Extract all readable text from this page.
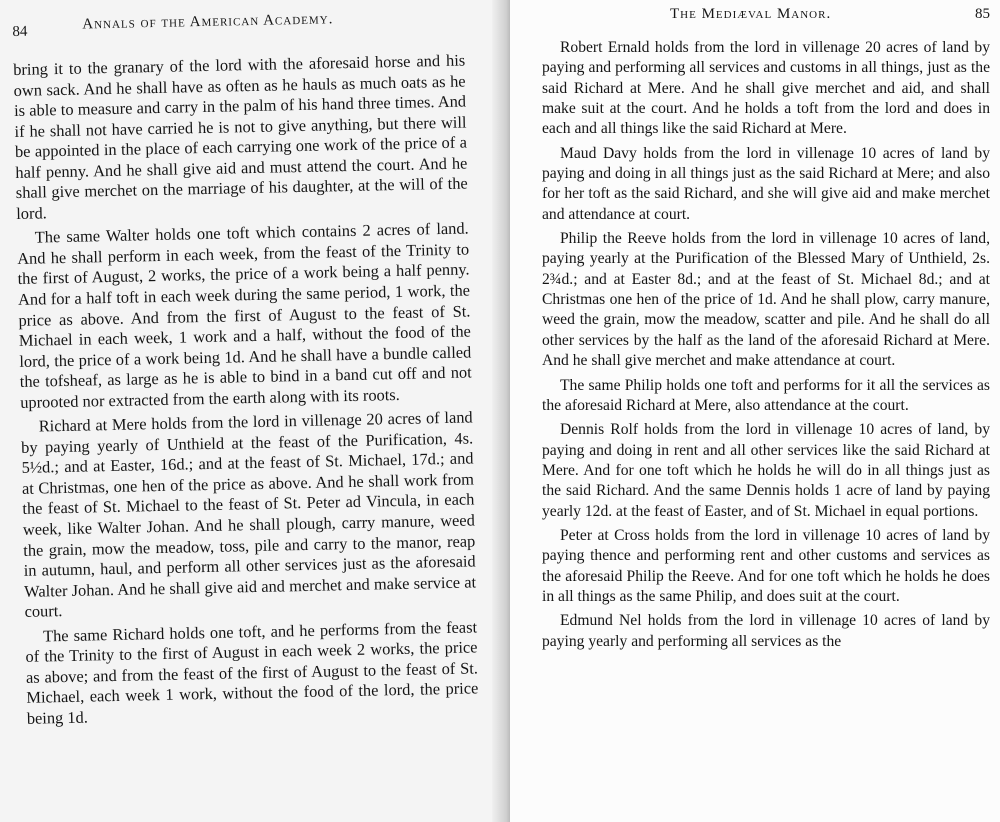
84	Annals of the American Academy.

bring it to the granary of the lord with the aforesaid horse and his own sack. And he shall have as often as he hauls as much oats as he is able to measure and carry in the palm of his hand three times. And if he shall not have carried he is not to give anything, but there will be appointed in the place of each carrying one work of the price of a half penny. And he shall give aid and must attend the court. And he shall give merchet on the marriage of his daughter, at the will of the lord.

The same Walter holds one toft which contains 2 acres of land. And he shall perform in each week, from the feast of the Trinity to the first of August, 2 works, the price of a work being a half penny. And for a half toft in each week during the same period, 1 work, the price as above. And from the first of August to the feast of St. Michael in each week, 1 work and a half, without the food of the lord, the price of a work being 1d. And he shall have a bundle called the tofsheaf, as large as he is able to bind in a band cut off and not uprooted nor extracted from the earth along with its roots.

Richard at Mere holds from the lord in villenage 20 acres of land by paying yearly of Unthield at the feast of the Purification, 4s. 5½d.; and at Easter, 16d.; and at the feast of St. Michael, 17d.; and at Christmas, one hen of the price as above. And he shall work from the feast of St. Michael to the feast of St. Peter ad Vincula, in each week, like Walter Johan. And he shall plough, carry manure, weed the grain, mow the meadow, toss, pile and carry to the manor, reap in autumn, haul, and perform all other services just as the aforesaid Walter Johan. And he shall give aid and merchet and make service at court.

The same Richard holds one toft, and he performs from the feast of the Trinity to the first of August in each week 2 works, the price as above; and from the feast of the first of August to the feast of St. Michael, each week 1 work, without the food of the lord, the price being 1d.

The Mediæval Manor.	85

Robert Ernald holds from the lord in villenage 20 acres of land by paying and performing all services and customs in all things, just as the said Richard at Mere. And he shall give merchet and aid, and shall make suit at the court. And he holds a toft from the lord and does in each and all things like the said Richard at Mere.

Maud Davy holds from the lord in villenage 10 acres of land by paying and doing in all things just as the said Richard at Mere; and also for her toft as the said Richard, and she will give aid and make merchet and attendance at court.

Philip the Reeve holds from the lord in villenage 10 acres of land, paying yearly at the Purification of the Blessed Mary of Unthield, 2s. 2¾d.; and at Easter 8d.; and at the feast of St. Michael 8d.; and at Christmas one hen of the price of 1d. And he shall plow, carry manure, weed the grain, mow the meadow, scatter and pile. And he shall do all other services by the half as the land of the aforesaid Richard at Mere. And he shall give merchet and make attendance at court.

The same Philip holds one toft and performs for it all the services as the aforesaid Richard at Mere, also attendance at the court.

Dennis Rolf holds from the lord in villenage 10 acres of land, by paying and doing in rent and all other services like the said Richard at Mere. And for one toft which he holds he will do in all things just as the said Richard. And the same Dennis holds 1 acre of land by paying yearly 12d. at the feast of Easter, and of St. Michael in equal portions.

Peter at Cross holds from the lord in villenage 10 acres of land by paying thence and performing rent and other customs and services as the aforesaid Philip the Reeve. And for one toft which he holds he does in all things as the same Philip, and does suit at the court.

Edmund Nel holds from the lord in villenage 10 acres of land by paying yearly and performing all services as the
